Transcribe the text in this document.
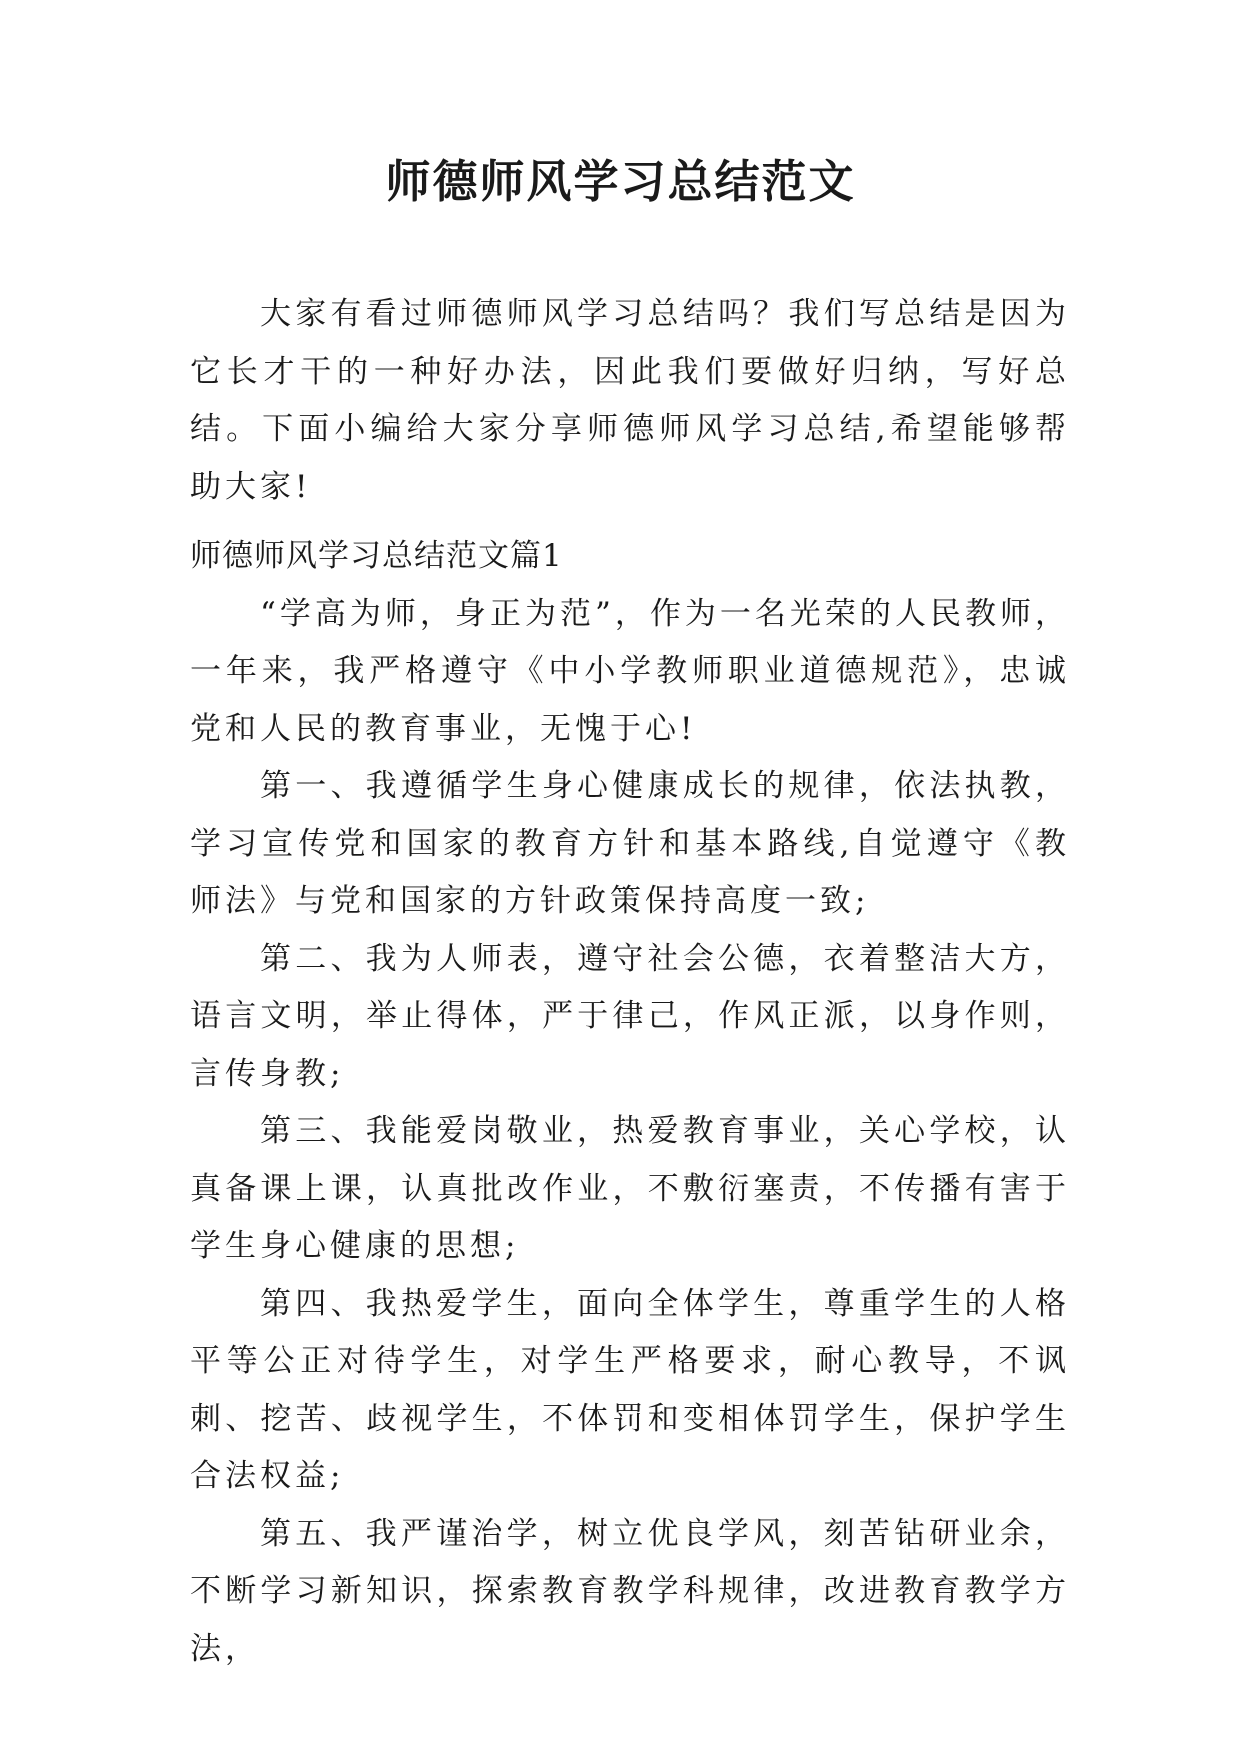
师德师风学习总结范文

大家有看过师德师风学习总结吗？我们写总结是因为它长才干的一种好办法，因此我们要做好归纳，写好总结。下面小编给大家分享师德师风学习总结,希望能够帮助大家!

师德师风学习总结范文篇1

“学高为师，身正为范”，作为一名光荣的人民教师，一年来，我严格遵守《中小学教师职业道德规范》，忠诚党和人民的教育事业，无愧于心!

第一、我遵循学生身心健康成长的规律，依法执教，学习宣传党和国家的教育方针和基本路线,自觉遵守《教师法》与党和国家的方针政策保持高度一致;

第二、我为人师表，遵守社会公德，衣着整洁大方，语言文明，举止得体，严于律己，作风正派，以身作则，言传身教;

第三、我能爱岗敬业，热爱教育事业，关心学校，认真备课上课，认真批改作业，不敷衍塞责，不传播有害于学生身心健康的思想;

第四、我热爱学生，面向全体学生，尊重学生的人格平等公正对待学生，对学生严格要求，耐心教导，不讽刺、挖苦、歧视学生，不体罚和变相体罚学生，保护学生合法权益;

第五、我严谨治学，树立优良学风，刻苦钻研业余，不断学习新知识，探索教育教学科规律，改进教育教学方法，
